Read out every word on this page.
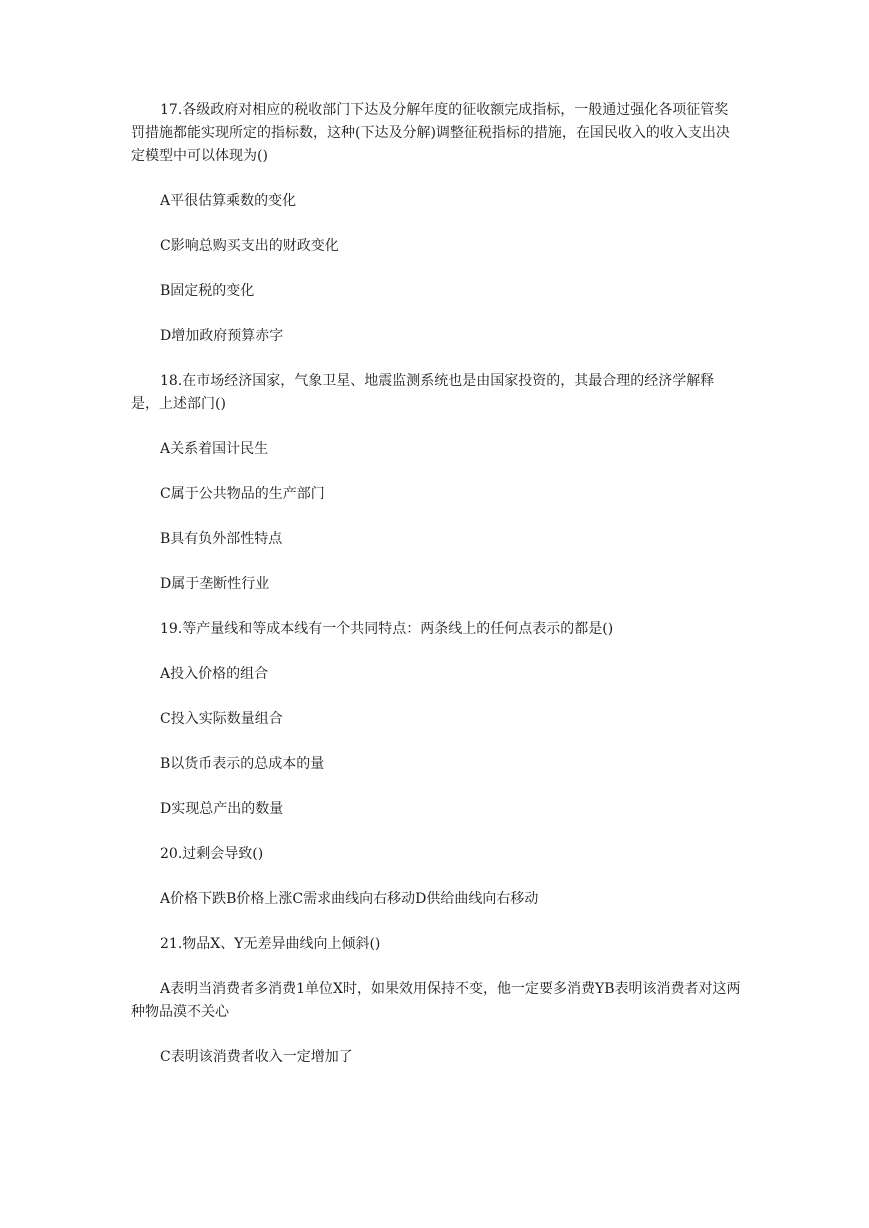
17.各级政府对相应的税收部门下达及分解年度的征收额完成指标，一般通过强化各项征管奖罚措施都能实现所定的指标数，这种(下达及分解)调整征税指标的措施，在国民收入的收入支出决定模型中可以体现为()

A平很估算乘数的变化

C影响总购买支出的财政变化

B固定税的变化

D增加政府预算赤字

18.在市场经济国家，气象卫星、地震监测系统也是由国家投资的，其最合理的经济学解释是，上述部门()

A关系着国计民生

C属于公共物品的生产部门

B具有负外部性特点

D属于垄断性行业

19.等产量线和等成本线有一个共同特点：两条线上的任何点表示的都是()

A投入价格的组合

C投入实际数量组合

B以货币表示的总成本的量

D实现总产出的数量

20.过剩会导致()

A价格下跌B价格上涨C需求曲线向右移动D供给曲线向右移动

21.物品X、Y无差异曲线向上倾斜()

A表明当消费者多消费1单位X时，如果效用保持不变，他一定要多消费YB表明该消费者对这两种物品漠不关心

C表明该消费者收入一定增加了
